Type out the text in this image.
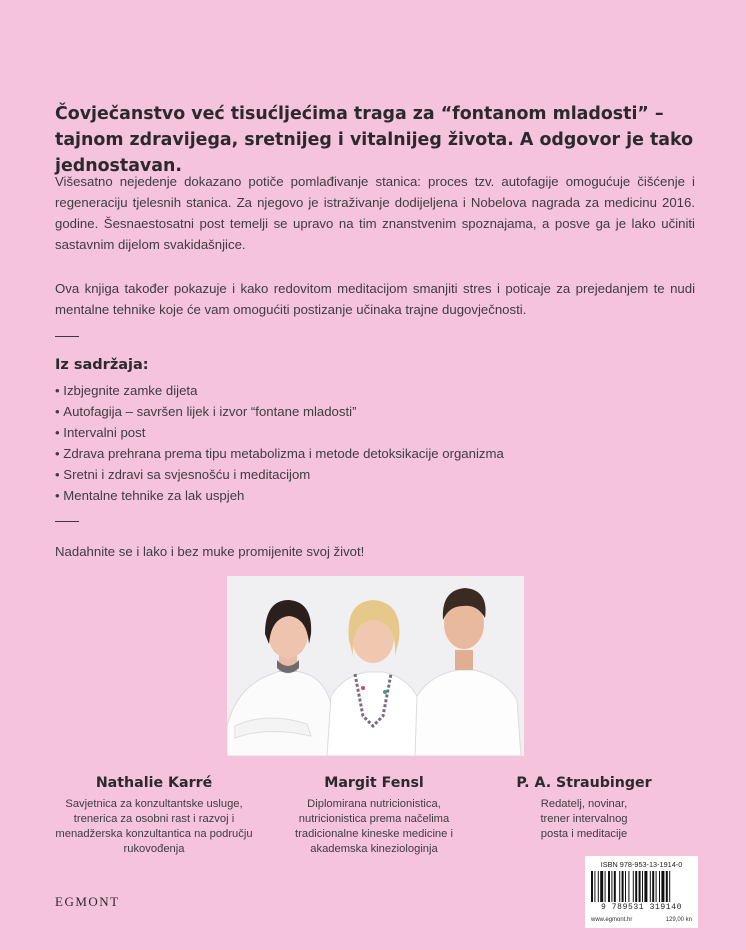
Čovječanstvo već tisućljećima traga za “fontanom mladosti” – tajnom zdravijega, sretnijeg i vitalnijeg života. A odgovor je tako jednostavan.

Višesatno nejedenje dokazano potiče pomlađivanje stanica: proces tzv. autofagije omogućuje čišćenje i regeneraciju tjelesnih stanica. Za njegovo je istraživanje dodijeljena i Nobelova nagrada za medicinu 2016. godine. Šesnaestosatni post temelji se upravo na tim znanstvenim spoznajama, a posve ga je lako učiniti sastavnim dijelom svakidašnjice.

Ova knjiga također pokazuje i kako redovitom meditacijom smanjiti stres i poticaje za prejedanjem te nudi mentalne tehnike koje će vam omogućiti postizanje učinaka trajne dugovječnosti.

Iz sadržaja:

• Izbjegnite zamke dijeta
• Autofagija – savršen lijek i izvor “fontane mladosti”
• Intervalni post
• Zdrava prehrana prema tipu metabolizma i metode detoksikacije organizma
• Sretni i zdravi sa svjesnošću i meditacijom
• Mentalne tehnike za lak uspjeh

Nadahnite se i lako i bez muke promijenite svoj život!

Nathalie Karré

Savjetnica za konzultantske usluge,
trenerica za osobni rast i razvoj i
menadžerska konzultantica na području
rukovođenja

Margit Fensl

Diplomirana nutricionistica,
nutricionistica prema načelima
tradicionalne kineske medicine i
akademska kineziologinja

P. A. Straubinger

Redatelj, novinar,
trener intervalnog
posta i meditacije

EGMONT

ISBN 978-953-13-1914-0

9 789531 319140

www.egmont.hr	129,00 kn
